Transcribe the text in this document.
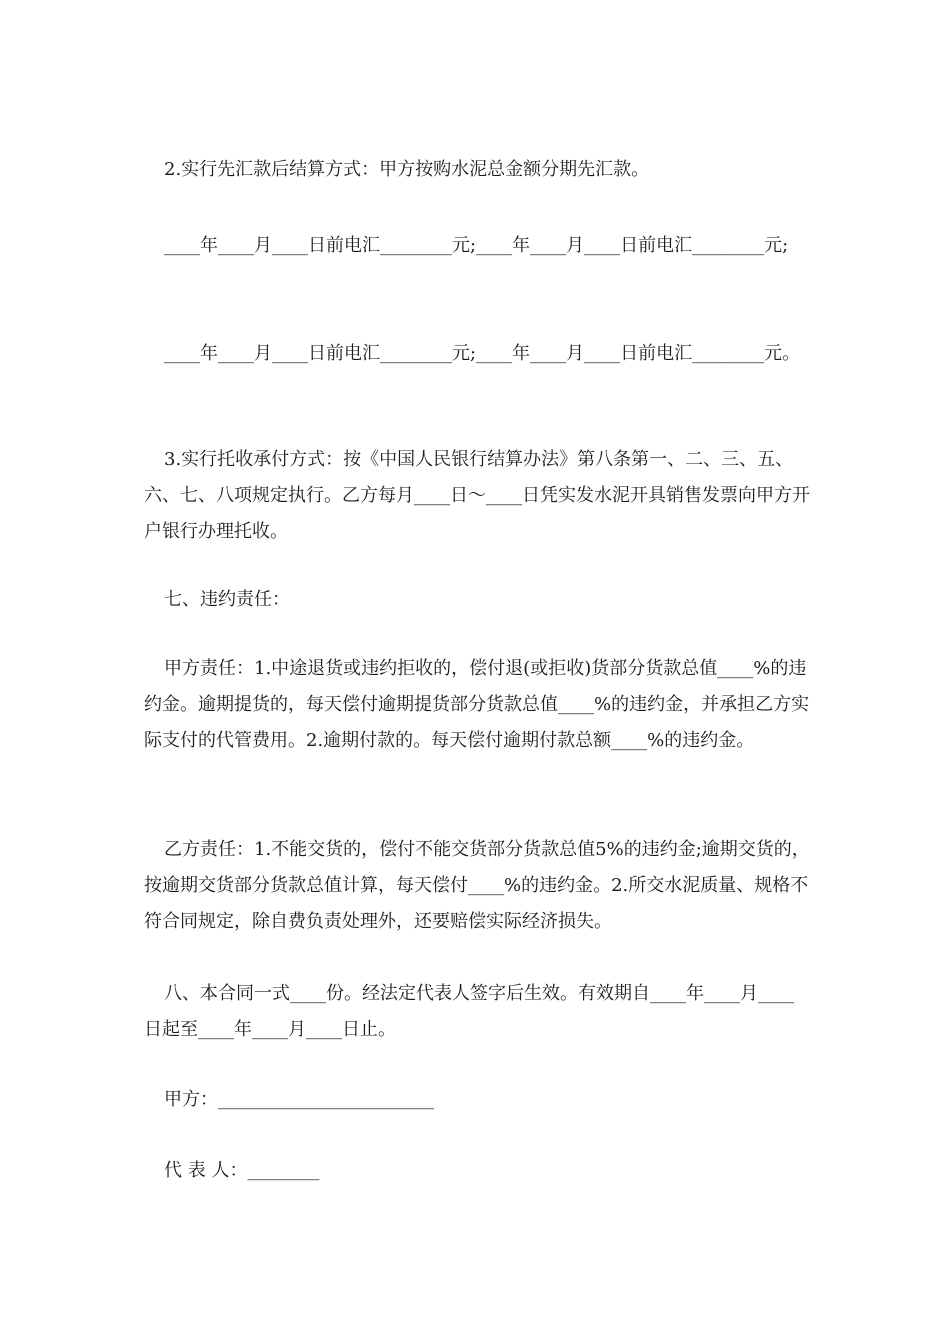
2.实行先汇款后结算方式：甲方按购水泥总金额分期先汇款。

____年____月____日前电汇________元;____年____月____日前电汇________元;

____年____月____日前电汇________元;____年____月____日前电汇________元。

3.实行托收承付方式：按《中国人民银行结算办法》第八条第一、二、三、五、六、七、八项规定执行。乙方每月____日～____日凭实发水泥开具销售发票向甲方开户银行办理托收。

七、违约责任：

甲方责任：1.中途退货或违约拒收的，偿付退(或拒收)货部分货款总值____%的违约金。逾期提货的，每天偿付逾期提货部分货款总值____%的违约金，并承担乙方实际支付的代管费用。2.逾期付款的。每天偿付逾期付款总额____%的违约金。

乙方责任：1.不能交货的，偿付不能交货部分货款总值5%的违约金;逾期交货的，按逾期交货部分货款总值计算，每天偿付____%的违约金。2.所交水泥质量、规格不符合同规定，除自费负责处理外，还要赔偿实际经济损失。

八、本合同一式____份。经法定代表人签字后生效。有效期自____年____月____日起至____年____月____日止。

甲方：________________________

代 表 人：________
